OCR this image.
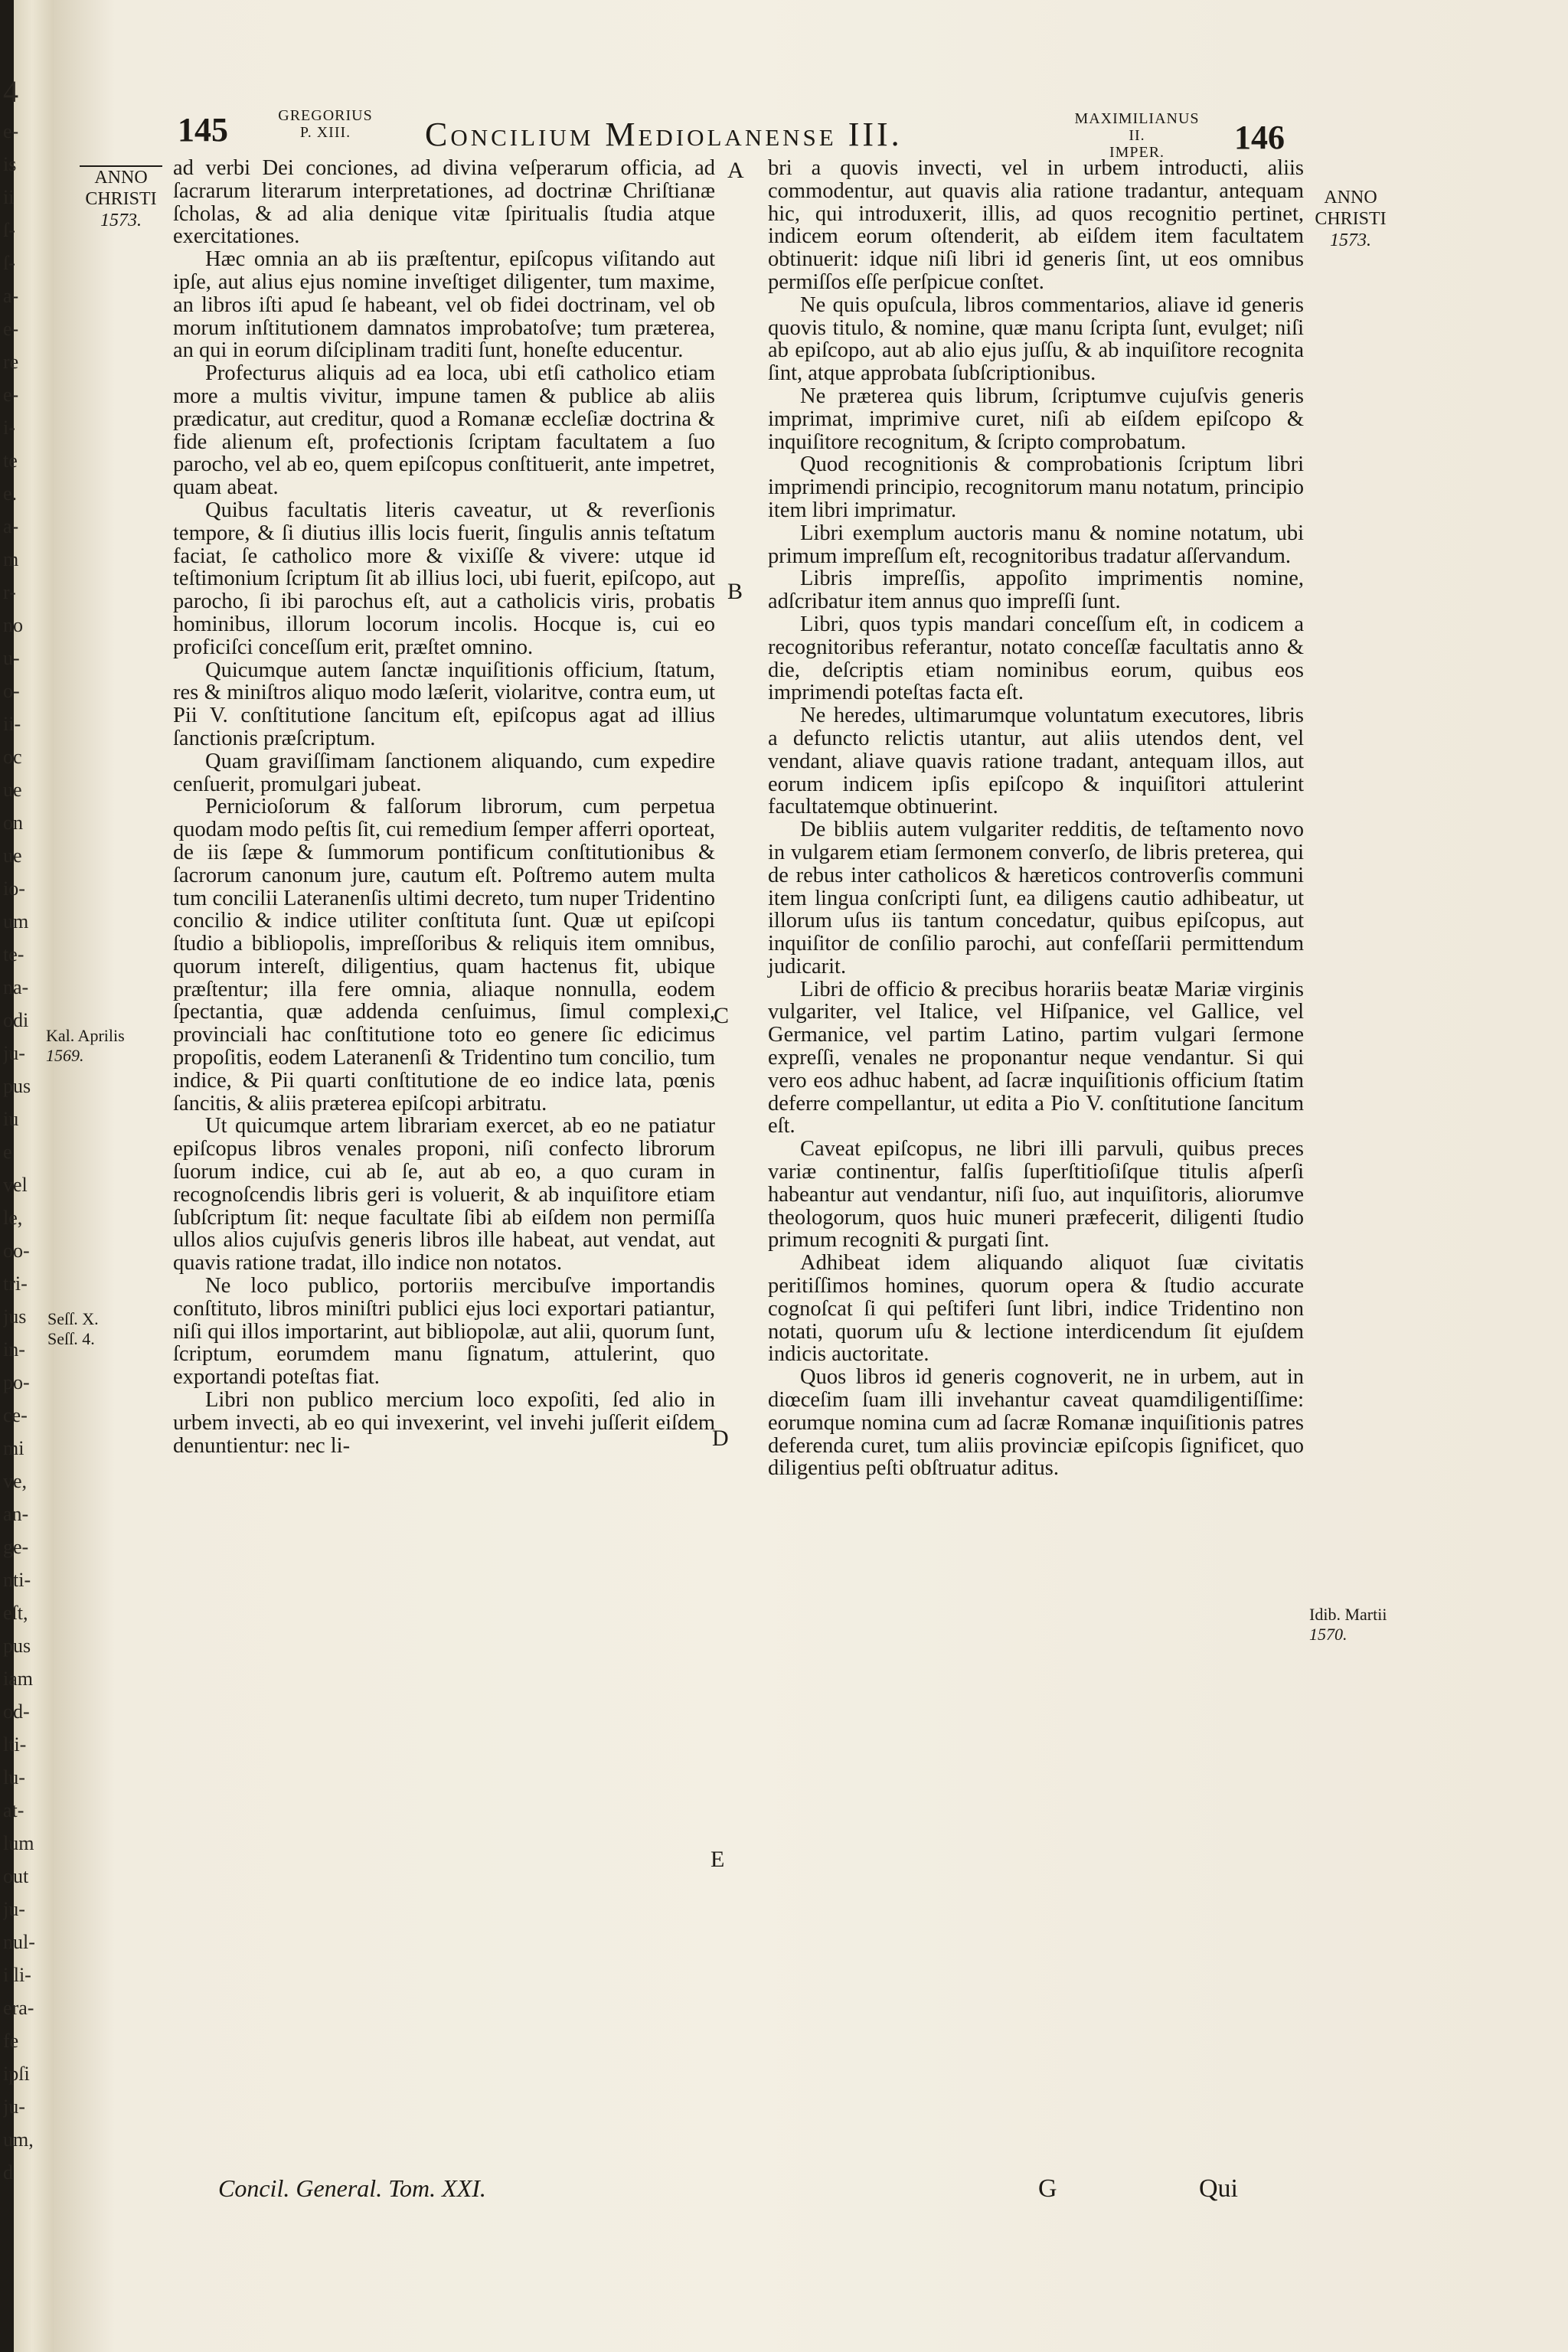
4
e-
is
ii
ſ-
ſ-
a-
e-
re
e-
i-
te
e.
a-
m
r-
no
u-
o-
ii-
oc
ue
on
ue
io-
um
te-
na-
odi
ju-
pus
iu
e
vel
le,
oo-
tri-
jus
in-
po-
ce-
mi
ve,
an-
ge-
nti-
eſt,
pus
iam
od-
lti-
lu-
at-
lum
out
ju-
nul-
i li-
era-
fe
ipſi
ju-
um,
d
145	GREGORIUS
P. XIII.	Concilium Mediolanense III.	MAXIMILIANUS II.
IMPER.	146
ANNO
CHRISTI
1573.
ANNO
CHRISTI
1573.
Kal. Aprilis
1569.
Seſſ. X.
Seſſ. 4.
Idib. Martii
1570.
A
B
C
D
E

ad verbi Dei conciones, ad divina veſperarum officia, ad ſacrarum literarum interpretationes, ad doctrinæ Chriſtianæ ſcholas, & ad alia denique vitæ ſpiritualis ſtudia atque exercitationes.

Hæc omnia an ab iis præſtentur, epiſcopus viſitando aut ipſe, aut alius ejus nomine inveſtiget diligenter, tum maxime, an libros iſti apud ſe habeant, vel ob fidei doctrinam, vel ob morum inſtitutionem damnatos improbatoſve; tum præterea, an qui in eorum diſciplinam traditi ſunt, honeſte educentur.

Profecturus aliquis ad ea loca, ubi etſi catholico etiam more a multis vivitur, impune tamen & publice ab aliis prædicatur, aut creditur, quod a Romanæ eccleſiæ doctrina & fide alienum eſt, profectionis ſcriptam facultatem a ſuo parocho, vel ab eo, quem epiſcopus conſtituerit, ante impetret, quam abeat.

Quibus facultatis literis caveatur, ut & reverſionis tempore, & ſi diutius illis locis fuerit, ſingulis annis teſtatum faciat, ſe catholico more & vixiſſe & vivere: utque id teſtimonium ſcriptum ſit ab illius loci, ubi fuerit, epiſcopo, aut parocho, ſi ibi parochus eſt, aut a catholicis viris, probatis hominibus, illorum locorum incolis. Hocque is, cui eo proficiſci conceſſum erit, præſtet omnino.

Quicumque autem ſanctæ inquiſitionis officium, ſtatum, res & miniſtros aliquo modo læſerit, violaritve, contra eum, ut Pii V. conſtitutione ſancitum eſt, epiſcopus agat ad illius ſanctionis præſcriptum.

Quam graviſſimam ſanctionem aliquando, cum expedire cenſuerit, promulgari jubeat.

Pernicioſorum & falſorum librorum, cum perpetua quodam modo peſtis ſit, cui remedium ſemper afferri oporteat, de iis ſæpe & ſummorum pontificum conſtitutionibus & ſacrorum canonum jure, cautum eſt. Poſtremo autem multa tum concilii Lateranenſis ultimi decreto, tum nuper Tridentino concilio & indice utiliter conſtituta ſunt. Quæ ut epiſcopi ſtudio a bibliopolis, impreſſoribus & reliquis item omnibus, quorum intereſt, diligentius, quam hactenus fit, ubique præſtentur; illa fere omnia, aliaque nonnulla, eodem ſpectantia, quæ addenda cenſuimus, ſimul complexi, provinciali hac conſtitutione toto eo genere ſic edicimus propoſitis, eodem Lateranenſi & Tridentino tum concilio, tum indice, & Pii quarti conſtitutione de eo indice lata, pœnis ſancitis, & aliis præterea epiſcopi arbitratu.

Ut quicumque artem librariam exercet, ab eo ne patiatur epiſcopus libros venales proponi, niſi confecto librorum ſuorum indice, cui ab ſe, aut ab eo, a quo curam in recognoſcendis libris geri is voluerit, & ab inquiſitore etiam ſubſcriptum ſit: neque facultate ſibi ab eiſdem non permiſſa ullos alios cujuſvis generis libros ille habeat, aut vendat, aut quavis ratione tradat, illo indice non notatos.

Ne loco publico, portoriis mercibuſve importandis conſtituto, libros miniſtri publici ejus loci exportari patiantur, niſi qui illos importarint, aut bibliopolæ, aut alii, quorum ſunt, ſcriptum, eorumdem manu ſignatum, attulerint, quo exportandi poteſtas fiat.

Libri non publico mercium loco expoſiti, ſed alio in urbem invecti, ab eo qui invexerint, vel invehi juſſerit eiſdem denuntientur: nec li-

bri a quovis invecti, vel in urbem introducti, aliis commodentur, aut quavis alia ratione tradantur, antequam hic, qui introduxerit, illis, ad quos recognitio pertinet, indicem eorum oſtenderit, ab eiſdem item facultatem obtinuerit: idque niſi libri id generis ſint, ut eos omnibus permiſſos eſſe perſpicue conſtet.

Ne quis opuſcula, libros commentarios, aliave id generis quovis titulo, & nomine, quæ manu ſcripta ſunt, evulget; niſi ab epiſcopo, aut ab alio ejus juſſu, & ab inquiſitore recognita ſint, atque approbata ſubſcriptionibus.

Ne præterea quis librum, ſcriptumve cujuſvis generis imprimat, imprimive curet, niſi ab eiſdem epiſcopo & inquiſitore recognitum, & ſcripto comprobatum.

Quod recognitionis & comprobationis ſcriptum libri imprimendi principio, recognitorum manu notatum, principio item libri imprimatur.

Libri exemplum auctoris manu & nomine notatum, ubi primum impreſſum eſt, recognitoribus tradatur aſſervandum.

Libris impreſſis, appoſito imprimentis nomine, adſcribatur item annus quo impreſſi ſunt.

Libri, quos typis mandari conceſſum eſt, in codicem a recognitoribus referantur, notato conceſſæ facultatis anno & die, deſcriptis etiam nominibus eorum, quibus eos imprimendi poteſtas facta eſt.

Ne heredes, ultimarumque voluntatum executores, libris a defuncto relictis utantur, aut aliis utendos dent, vel vendant, aliave quavis ratione tradant, antequam illos, aut eorum indicem ipſis epiſcopo & inquiſitori attulerint facultatemque obtinuerint.

De bibliis autem vulgariter redditis, de teſtamento novo in vulgarem etiam ſermonem converſo, de libris preterea, qui de rebus inter catholicos & hæreticos controverſis communi item lingua conſcripti ſunt, ea diligens cautio adhibeatur, ut illorum uſus iis tantum concedatur, quibus epiſcopus, aut inquiſitor de conſilio parochi, aut confeſſarii permittendum judicarit.

Libri de officio & precibus horariis beatæ Mariæ virginis vulgariter, vel Italice, vel Hiſpanice, vel Gallice, vel Germanice, vel partim Latino, partim vulgari ſermone expreſſi, venales ne proponantur neque vendantur. Si qui vero eos adhuc habent, ad ſacræ inquiſitionis officium ſtatim deferre compellantur, ut edita a Pio V. conſtitutione ſancitum eſt.

Caveat epiſcopus, ne libri illi parvuli, quibus preces variæ continentur, falſis ſuperſtitioſiſque titulis aſperſi habeantur aut vendantur, niſi ſuo, aut inquiſitoris, aliorumve theologorum, quos huic muneri præfecerit, diligenti ſtudio primum recogniti & purgati ſint.

Adhibeat idem aliquando aliquot ſuæ civitatis peritiſſimos homines, quorum opera & ſtudio accurate cognoſcat ſi qui peſtiferi ſunt libri, indice Tridentino non notati, quorum uſu & lectione interdicendum ſit ejuſdem indicis auctoritate.

Quos libros id generis cognoverit, ne in urbem, aut in diœceſim ſuam illi invehantur caveat quamdiligentiſſime: eorumque nomina cum ad ſacræ Romanæ inquiſitionis patres deferenda curet, tum aliis provinciæ epiſcopis ſignificet, quo diligentius peſti obſtruatur aditus.

Concil. General. Tom. XXI.	G	Qui
